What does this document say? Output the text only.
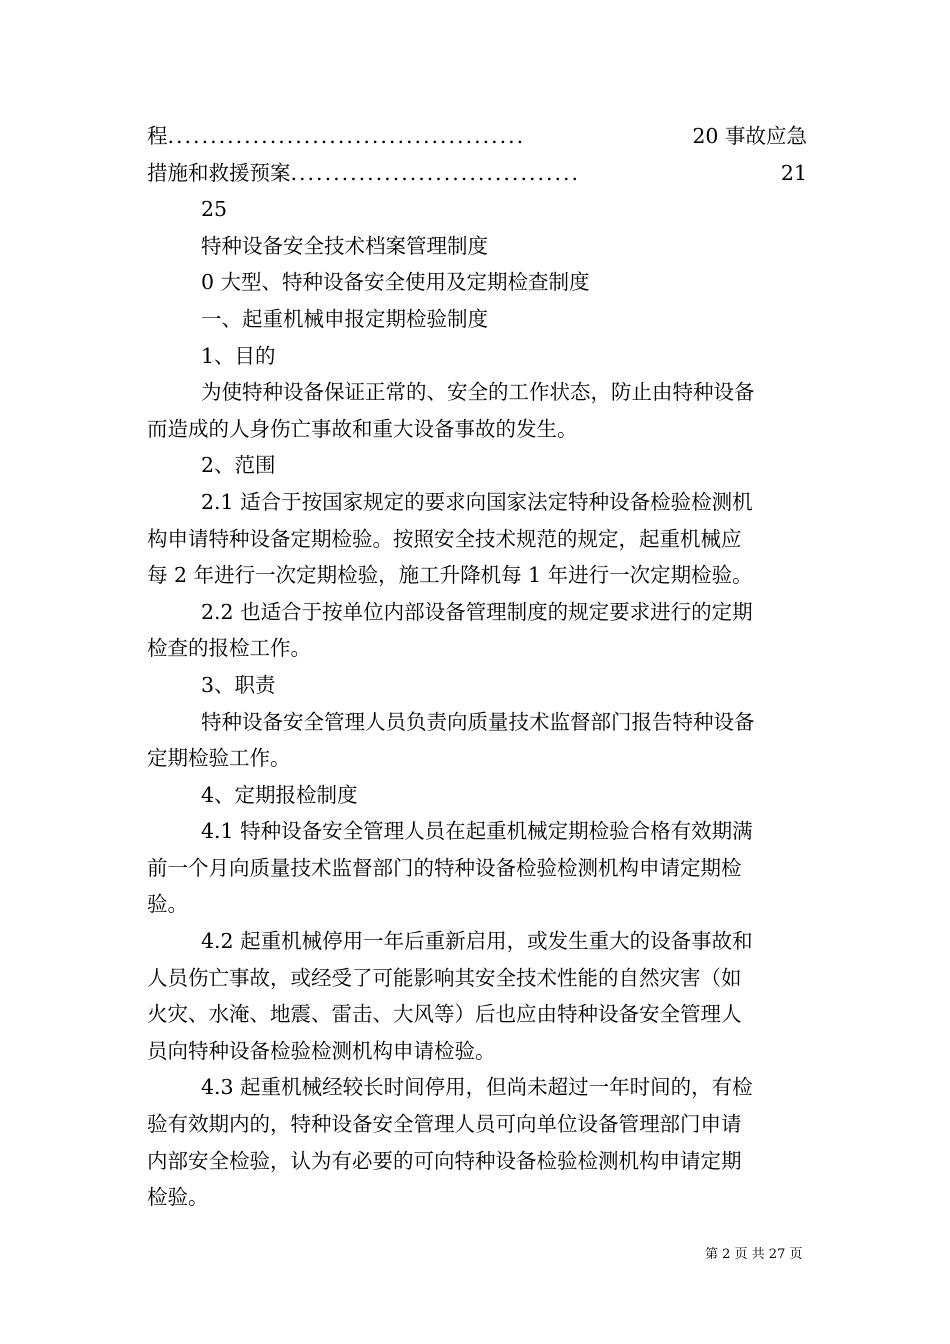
程 ..........................................	20 事故应急
措施和救援预案 ..................................	21
25
特种设备安全技术档案管理制度
0 大型、特种设备安全使用及定期检查制度
一、起重机械申报定期检验制度
1、目的
为使特种设备保证正常的、安全的工作状态，防止由特种设备
而造成的人身伤亡事故和重大设备事故的发生。
2、范围
2.1 适合于按国家规定的要求向国家法定特种设备检验检测机
构申请特种设备定期检验。按照安全技术规范的规定，起重机械应
每 2 年进行一次定期检验，施工升降机每 1 年进行一次定期检验。
2.2 也适合于按单位内部设备管理制度的规定要求进行的定期
检查的报检工作。
3、职责
特种设备安全管理人员负责向质量技术监督部门报告特种设备
定期检验工作。
4、定期报检制度
4.1 特种设备安全管理人员在起重机械定期检验合格有效期满
前一个月向质量技术监督部门的特种设备检验检测机构申请定期检
验。
4.2 起重机械停用一年后重新启用，或发生重大的设备事故和
人员伤亡事故，或经受了可能影响其安全技术性能的自然灾害（如
火灾、水淹、地震、雷击、大风等）后也应由特种设备安全管理人
员向特种设备检验检测机构申请检验。
4.3 起重机械经较长时间停用，但尚未超过一年时间的，有检
验有效期内的，特种设备安全管理人员可向单位设备管理部门申请
内部安全检验，认为有必要的可向特种设备检验检测机构申请定期
检验。
第 2 页 共 27 页
